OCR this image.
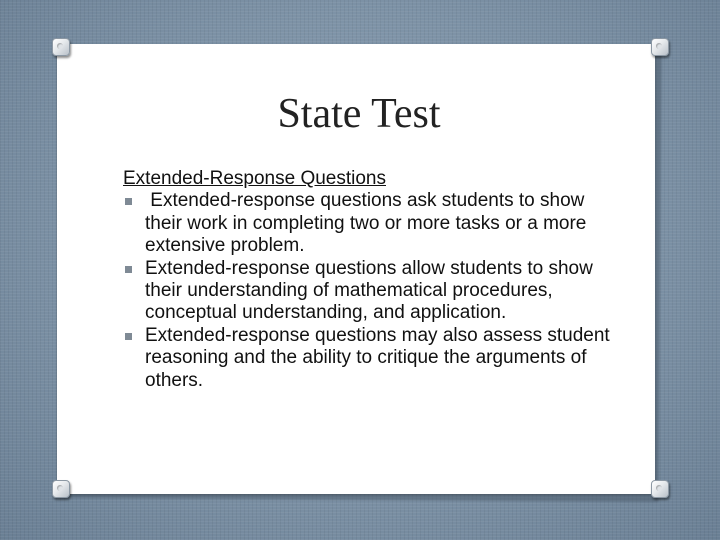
State Test

Extended-Response Questions

Extended-response questions ask students to show their work in completing two or more tasks or a more extensive problem.
Extended-response questions allow students to show their understanding of mathematical procedures, conceptual understanding, and application.
Extended-response questions may also assess student reasoning and the ability to critique the arguments of others.
